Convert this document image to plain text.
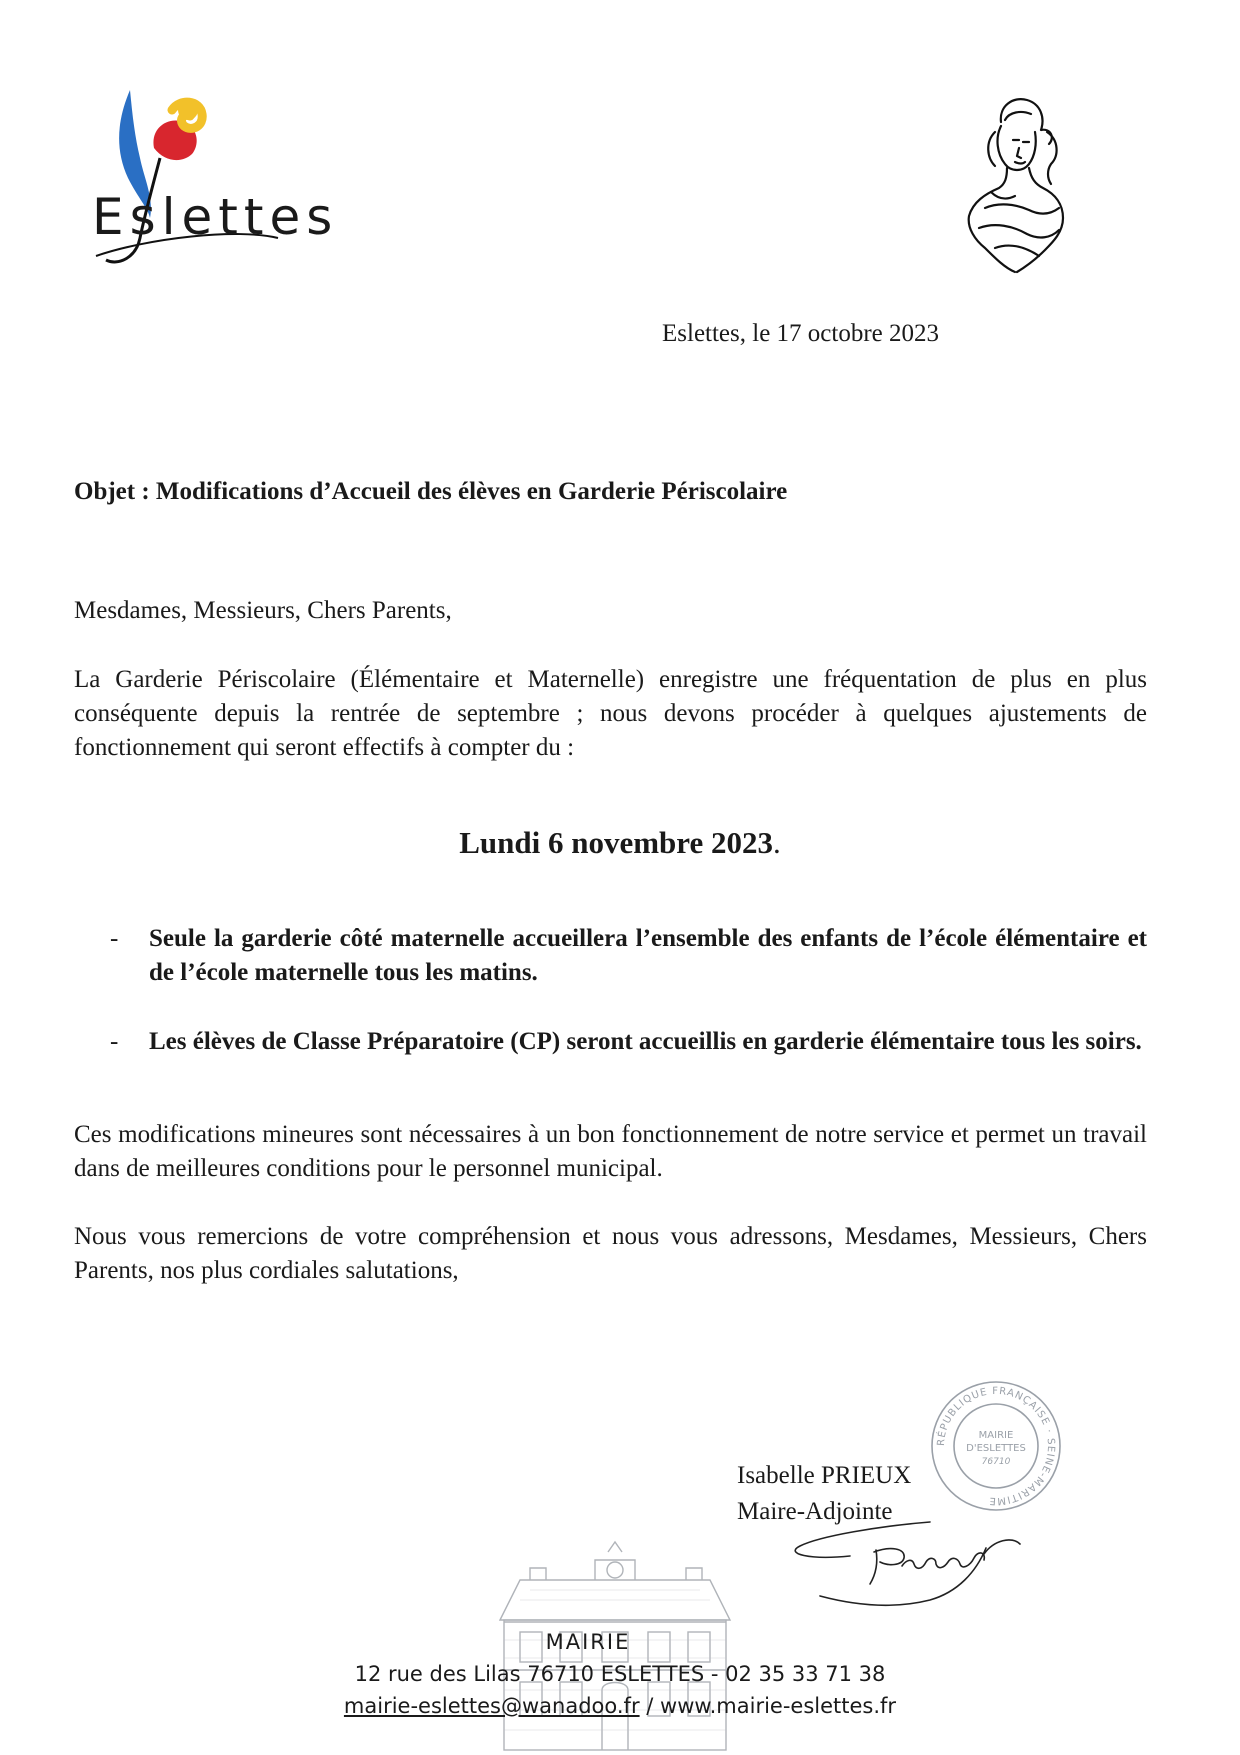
Eslettes
Eslettes, le 17 octobre 2023
Objet : Modifications d’Accueil des élèves en Garderie Périscolaire
Mesdames, Messieurs, Chers Parents,
La Garderie Périscolaire (Élémentaire et Maternelle) enregistre une fréquentation de plus en plus conséquente depuis la rentrée de septembre ; nous devons procéder à quelques ajustements de fonctionnement qui seront effectifs à compter du :
Lundi 6 novembre 2023.
- Seule la garderie côté maternelle accueillera l’ensemble des enfants de l’école élémentaire et de l’école maternelle tous les matins.
- Les élèves de Classe Préparatoire (CP) seront accueillis en garderie élémentaire tous les soirs.
Ces modifications mineures sont nécessaires à un bon fonctionnement de notre service et permet un travail dans de meilleures conditions pour le personnel municipal.
Nous vous remercions de votre compréhension et nous vous adressons, Mesdames, Messieurs, Chers Parents, nos plus cordiales salutations,
RÉPUBLIQUE FRANÇAISE · SEINE-MARITIME
MAIRIE
D'ESLETTES
76710
Isabelle PRIEUX
Maire-Adjointe
MAIRIE
12 rue des Lilas 76710 ESLETTES - 02 35 33 71 38
mairie-eslettes@wanadoo.fr / www.mairie-eslettes.fr
